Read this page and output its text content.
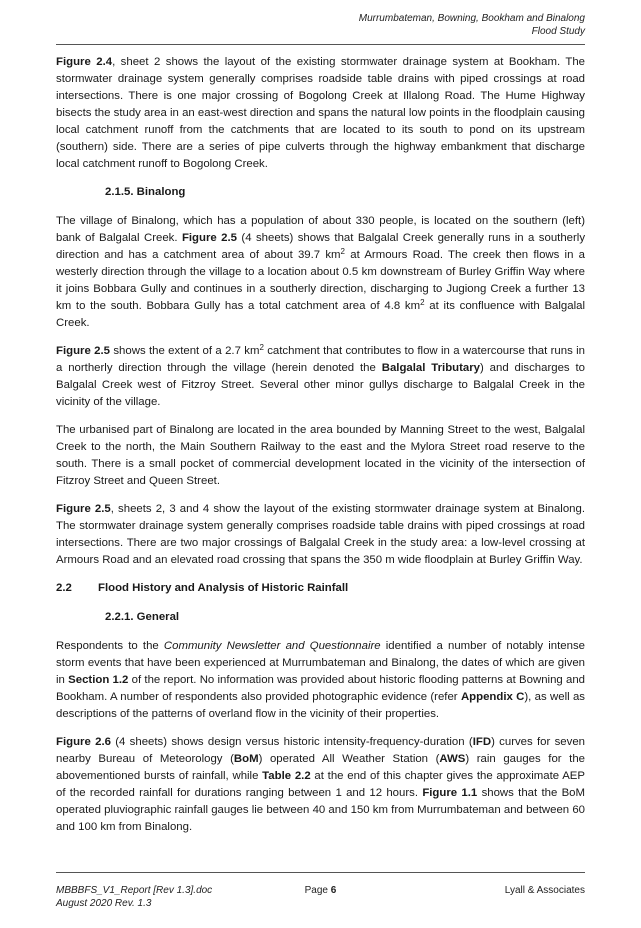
Murrumbateman, Bowning, Bookham and Binalong
Flood Study

Figure 2.4, sheet 2 shows the layout of the existing stormwater drainage system at Bookham. The stormwater drainage system generally comprises roadside table drains with piped crossings at road intersections. There is one major crossing of Bogolong Creek at Illalong Road. The Hume Highway bisects the study area in an east-west direction and spans the natural low points in the floodplain causing local catchment runoff from the catchments that are located to its south to pond on its upstream (southern) side. There are a series of pipe culverts through the highway embankment that discharge local catchment runoff to Bogolong Creek.

2.1.5. Binalong

The village of Binalong, which has a population of about 330 people, is located on the southern (left) bank of Balgalal Creek. Figure 2.5 (4 sheets) shows that Balgalal Creek generally runs in a southerly direction and has a catchment area of about 39.7 $km^2$ at Armours Road. The creek then flows in a westerly direction through the village to a location about 0.5 km downstream of Burley Griffin Way where it joins Bobbara Gully and continues in a southerly direction, discharging to Jugiong Creek a further 13 km to the south. Bobbara Gully has a total catchment area of 4.8 $km^2$ at its confluence with Balgalal Creek.

Figure 2.5 shows the extent of a 2.7 $km^2$ catchment that contributes to flow in a watercourse that runs in a northerly direction through the village (herein denoted the Balgalal Tributary) and discharges to Balgalal Creek west of Fitzroy Street. Several other minor gullys discharge to Balgalal Creek in the vicinity of the village.

The urbanised part of Binalong are located in the area bounded by Manning Street to the west, Balgalal Creek to the north, the Main Southern Railway to the east and the Mylora Street road reserve to the south. There is a small pocket of commercial development located in the vicinity of the intersection of Fitzroy Street and Queen Street.

Figure 2.5, sheets 2, 3 and 4 show the layout of the existing stormwater drainage system at Binalong. The stormwater drainage system generally comprises roadside table drains with piped crossings at road intersections. There are two major crossings of Balgalal Creek in the study area: a low-level crossing at Armours Road and an elevated road crossing that spans the 350 m wide floodplain at Burley Griffin Way.

2.2 Flood History and Analysis of Historic Rainfall
2.2.1. General

Respondents to the Community Newsletter and Questionnaire identified a number of notably intense storm events that have been experienced at Murrumbateman and Binalong, the dates of which are given in Section 1.2 of the report. No information was provided about historic flooding patterns at Bowning and Bookham. A number of respondents also provided photographic evidence (refer Appendix C), as well as descriptions of the patterns of overland flow in the vicinity of their properties.

Figure 2.6 (4 sheets) shows design versus historic intensity-frequency-duration (IFD) curves for seven nearby Bureau of Meteorology (BoM) operated All Weather Station (AWS) rain gauges for the abovementioned bursts of rainfall, while Table 2.2 at the end of this chapter gives the approximate AEP of the recorded rainfall for durations ranging between 1 and 12 hours. Figure 1.1 shows that the BoM operated pluviographic rainfall gauges lie between 40 and 150 km from Murrumbateman and between 60 and 100 km from Binalong.

MBBBFS_V1_Report [Rev 1.3].doc
August 2020 Rev. 1.3
Page 6	Lyall & Associates
